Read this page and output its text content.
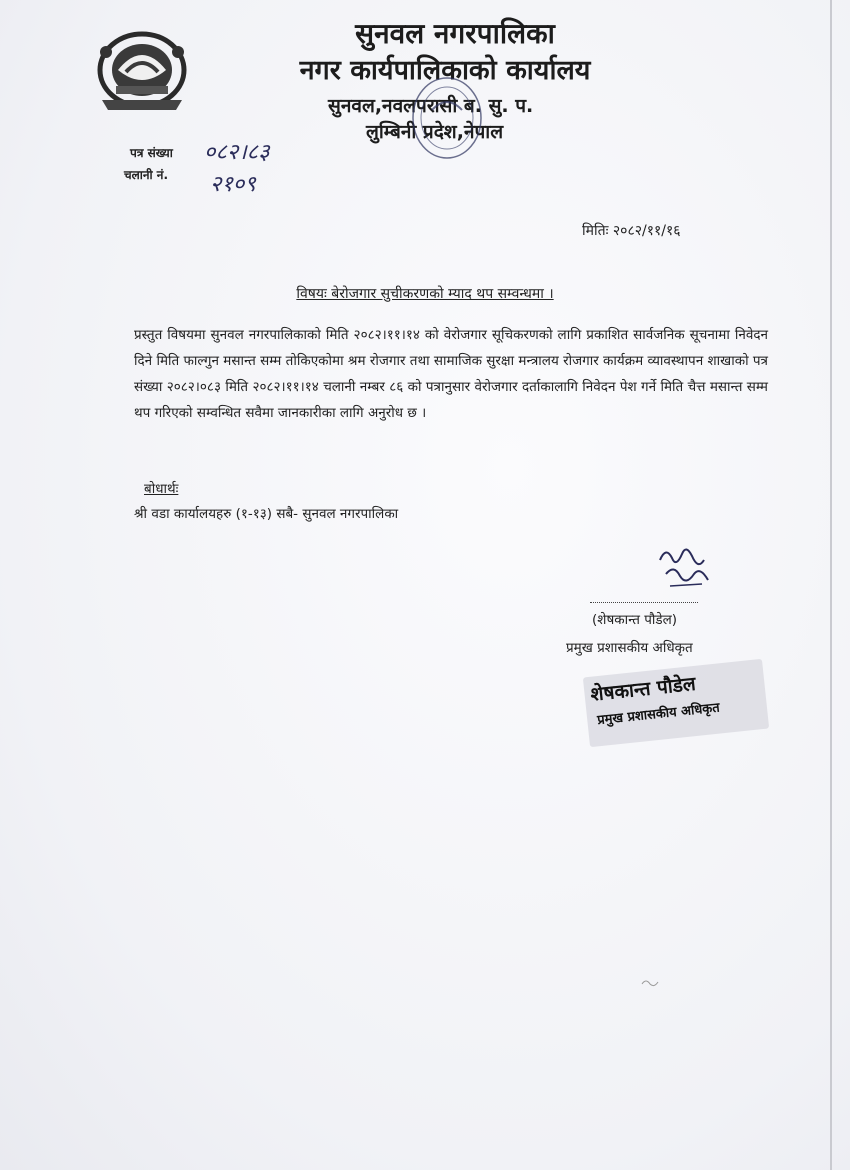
सुनवल नगरपालिका
नगर कार्यपालिकाको कार्यालय
सुनवल,नवलपरासी ब. सु. प.
लुम्बिनी प्रदेश,नेपाल
पत्र संख्या ०८२।८३
चलानी नं. २१०९
मितिः २०८२/११/१६
विषयः बेरोजगार सुचीकरणको म्याद थप सम्वन्धमा ।
प्रस्तुत विषयमा सुनवल नगरपालिकाको मिति २०८२।११।१४ को वेरोजगार सूचिकरणको लागि प्रकाशित सार्वजनिक सूचनामा निवेदन दिने मिति फाल्गुन मसान्त सम्म तोकिएकोमा श्रम रोजगार तथा सामाजिक सुरक्षा मन्त्रालय रोजगार कार्यक्रम व्यावस्थापन शाखाको पत्र संख्या २०८२।०८३ मिति २०८२।११।१४ चलानी नम्बर ८६ को पत्रानुसार वेरोजगार दर्ताकालागि निवेदन पेश गर्ने मिति चैत्त मसान्त सम्म थप गरिएको सम्वन्धित सवैमा जानकारीका लागि अनुरोध छ ।
बोधार्थः
श्री वडा कार्यालयहरु (१-१३) सबै- सुनवल नगरपालिका
(शेषकान्त पौडेल)
प्रमुख प्रशासकीय अधिकृत
शेषकान्त पौडेल
प्रमुख प्रशासकीय अधिकृत
